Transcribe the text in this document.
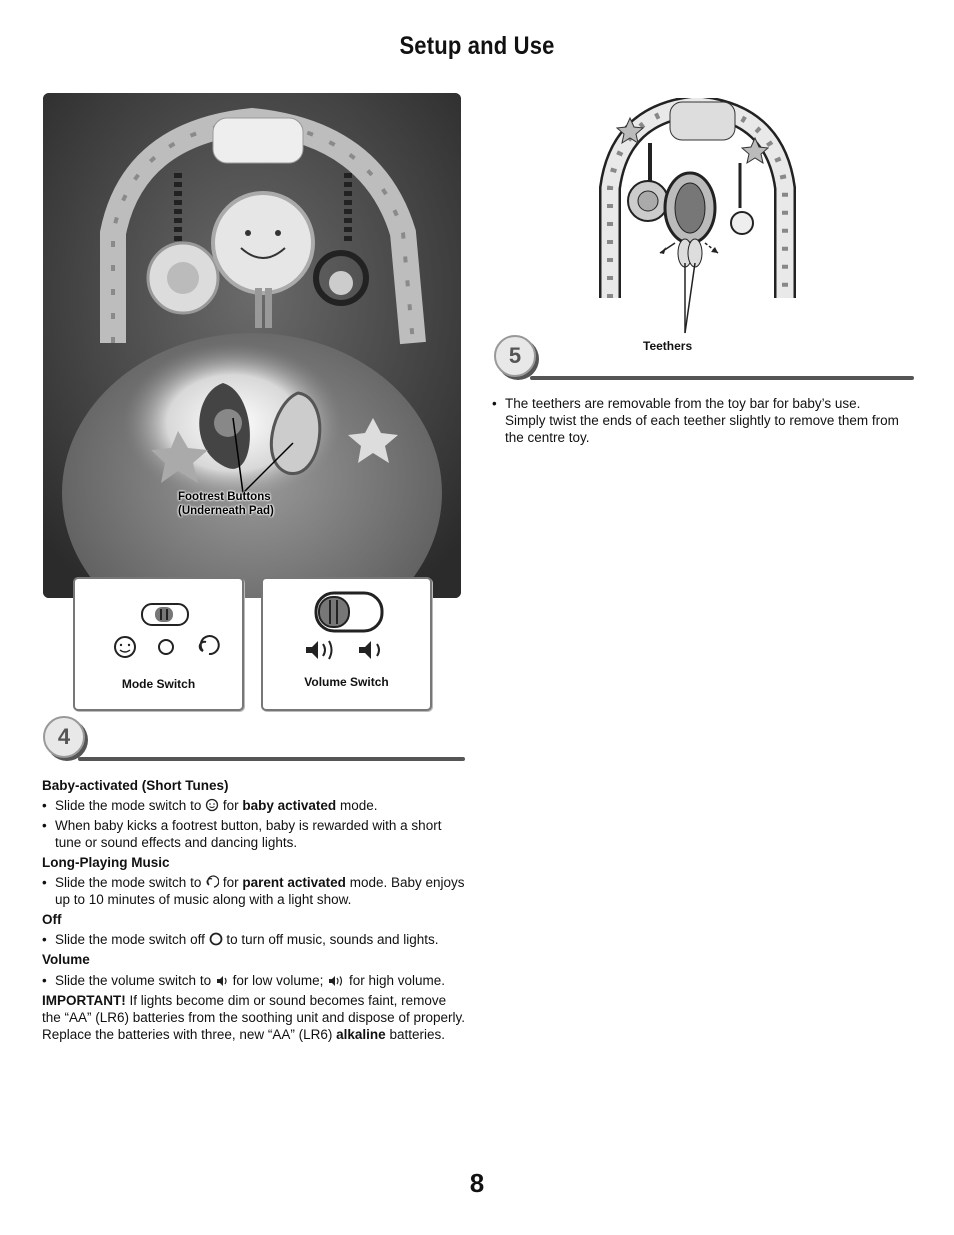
Setup and Use
Footrest Buttons
(Underneath Pad)
Mode Switch	Volume Switch
4

Baby-activated (Short Tunes)

• Slide the mode switch to for baby activated mode.

• When baby kicks a footrest button, baby is rewarded with a short tune or sound effects and dancing lights.

Long-Playing Music

• Slide the mode switch to for parent activated mode. Baby enjoys up to 10 minutes of music along with a light show.

Off

• Slide the mode switch off to turn off music, sounds and lights.

Volume

• Slide the volume switch to for low volume; for high volume.

IMPORTANT! If lights become dim or sound becomes faint, remove the “AA” (LR6) batteries from the soothing unit and dispose of properly. Replace the batteries with three, new “AA” (LR6) alkaline batteries.

Teethers
5

• The teethers are removable from the toy bar for baby’s use. Simply twist the ends of each teether slightly to remove them from the centre toy.

8
